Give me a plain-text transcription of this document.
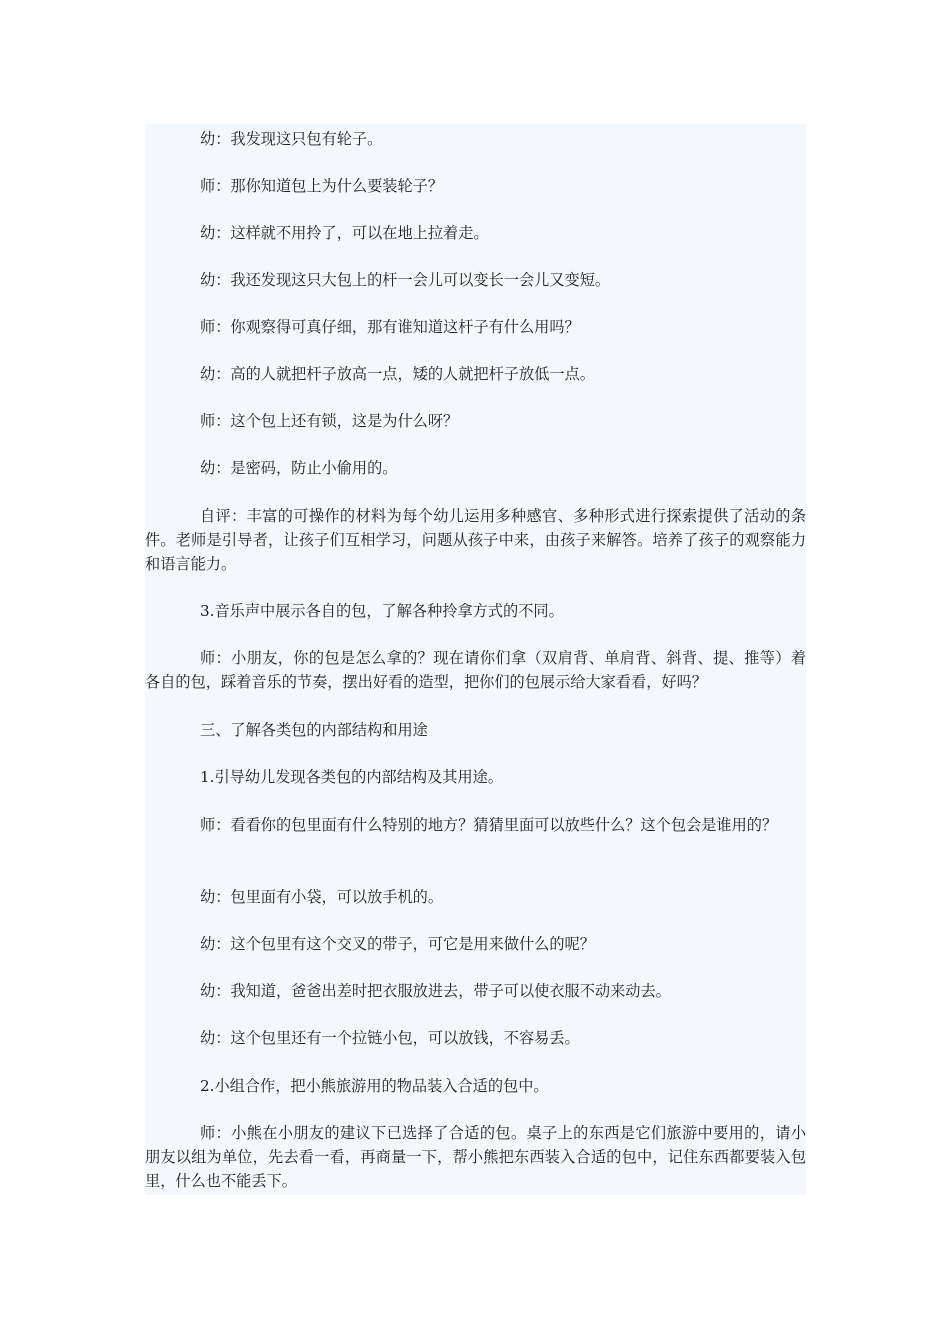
幼：我发现这只包有轮子。

师：那你知道包上为什么要装轮子？

幼：这样就不用拎了，可以在地上拉着走。

幼：我还发现这只大包上的杆一会儿可以变长一会儿又变短。

师：你观察得可真仔细，那有谁知道这杆子有什么用吗？

幼：高的人就把杆子放高一点，矮的人就把杆子放低一点。

师：这个包上还有锁，这是为什么呀？

幼：是密码，防止小偷用的。

自评：丰富的可操作的材料为每个幼儿运用多种感官、多种形式进行探索提供了活动的条件。老师是引导者，让孩子们互相学习，问题从孩子中来，由孩子来解答。培养了孩子的观察能力和语言能力。

3.音乐声中展示各自的包，了解各种拎拿方式的不同。

师：小朋友，你的包是怎么拿的？现在请你们拿（双肩背、单肩背、斜背、提、推等）着各自的包，踩着音乐的节奏，摆出好看的造型，把你们的包展示给大家看看，好吗？

三、了解各类包的内部结构和用途

1.引导幼儿发现各类包的内部结构及其用途。

师：看看你的包里面有什么特别的地方？猜猜里面可以放些什么？这个包会是谁用的？

幼：包里面有小袋，可以放手机的。

幼：这个包里有这个交叉的带子，可它是用来做什么的呢？

幼：我知道，爸爸出差时把衣服放进去，带子可以使衣服不动来动去。

幼：这个包里还有一个拉链小包，可以放钱，不容易丢。

2.小组合作，把小熊旅游用的物品装入合适的包中。

师：小熊在小朋友的建议下已选择了合适的包。桌子上的东西是它们旅游中要用的，请小朋友以组为单位，先去看一看，再商量一下，帮小熊把东西装入合适的包中，记住东西都要装入包里，什么也不能丢下。
